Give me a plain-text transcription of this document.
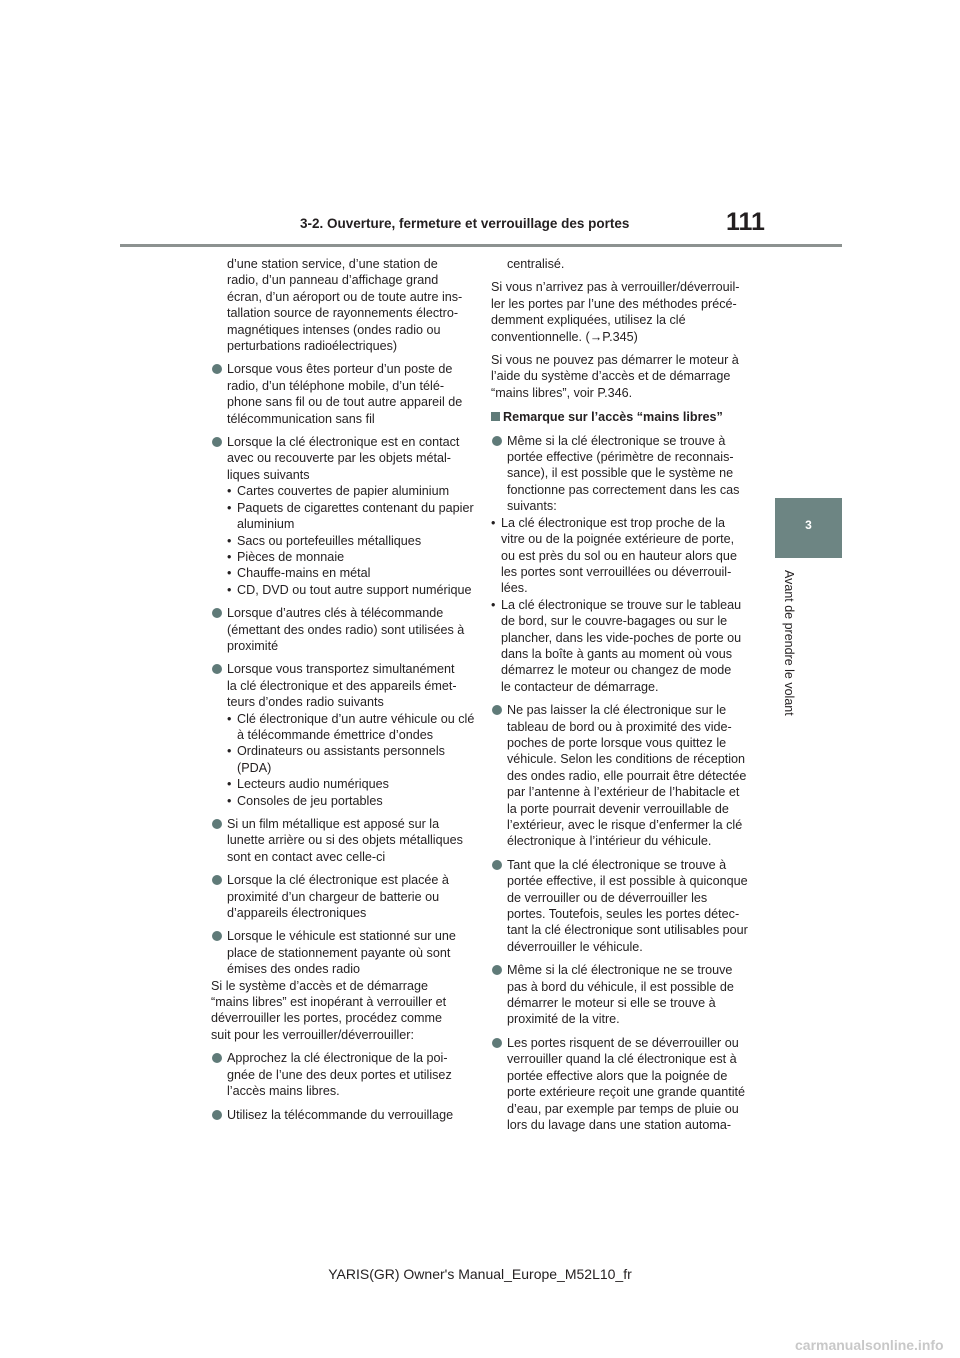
3-2. Ouverture, fermeture et verrouillage des portes	111
3
Avant de prendre le volant

d’une station service, d’une station de
radio, d’un panneau d’affichage grand
écran, d’un aéroport ou de toute autre ins-
tallation source de rayonnements électro-
magnétiques intenses (ondes radio ou
perturbations radioélectriques)

Lorsque vous êtes porteur d’un poste de
radio, d’un téléphone mobile, d’un télé-
phone sans fil ou de tout autre appareil de
télécommunication sans fil

Lorsque la clé électronique est en contact
avec ou recouverte par les objets métal-
liques suivants

• Cartes couvertes de papier aluminium

• Paquets de cigarettes contenant du papier
aluminium

• Sacs ou portefeuilles métalliques

• Pièces de monnaie

• Chauffe-mains en métal

• CD, DVD ou tout autre support numérique

Lorsque d’autres clés à télécommande
(émettant des ondes radio) sont utilisées à
proximité

Lorsque vous transportez simultanément
la clé électronique et des appareils émet-
teurs d’ondes radio suivants

• Clé électronique d’un autre véhicule ou clé
à télécommande émettrice d’ondes

• Ordinateurs ou assistants personnels
(PDA)

• Lecteurs audio numériques

• Consoles de jeu portables

Si un film métallique est apposé sur la
lunette arrière ou si des objets métalliques
sont en contact avec celle-ci

Lorsque la clé électronique est placée à
proximité d’un chargeur de batterie ou
d’appareils électroniques

Lorsque le véhicule est stationné sur une
place de stationnement payante où sont
émises des ondes radio

Si le système d’accès et de démarrage
“mains libres” est inopérant à verrouiller et
déverrouiller les portes, procédez comme
suit pour les verrouiller/déverrouiller:

Approchez la clé électronique de la poi-
gnée de l’une des deux portes et utilisez
l’accès mains libres.

Utilisez la télécommande du verrouillage

centralisé.

Si vous n’arrivez pas à verrouiller/déverrouil-
ler les portes par l’une des méthodes précé-
demment expliquées, utilisez la clé
conventionnelle. (→P.345)

Si vous ne pouvez pas démarrer le moteur à
l’aide du système d’accès et de démarrage
“mains libres”, voir P.346.

Remarque sur l’accès “mains libres”

Même si la clé électronique se trouve à
portée effective (périmètre de reconnais-
sance), il est possible que le système ne
fonctionne pas correctement dans les cas
suivants:

• La clé électronique est trop proche de la
vitre ou de la poignée extérieure de porte,
ou est près du sol ou en hauteur alors que
les portes sont verrouillées ou déverrouil-
lées.

• La clé électronique se trouve sur le tableau
de bord, sur le couvre-bagages ou sur le
plancher, dans les vide-poches de porte ou
dans la boîte à gants au moment où vous
démarrez le moteur ou changez de mode
le contacteur de démarrage.

Ne pas laisser la clé électronique sur le
tableau de bord ou à proximité des vide-
poches de porte lorsque vous quittez le
véhicule. Selon les conditions de réception
des ondes radio, elle pourrait être détectée
par l’antenne à l’extérieur de l’habitacle et
la porte pourrait devenir verrouillable de
l’extérieur, avec le risque d’enfermer la clé
électronique à l’intérieur du véhicule.

Tant que la clé électronique se trouve à
portée effective, il est possible à quiconque
de verrouiller ou de déverrouiller les
portes. Toutefois, seules les portes détec-
tant la clé électronique sont utilisables pour
déverrouiller le véhicule.

Même si la clé électronique ne se trouve
pas à bord du véhicule, il est possible de
démarrer le moteur si elle se trouve à
proximité de la vitre.

Les portes risquent de se déverrouiller ou
verrouiller quand la clé électronique est à
portée effective alors que la poignée de
porte extérieure reçoit une grande quantité
d’eau, par exemple par temps de pluie ou
lors du lavage dans une station automa-

YARIS(GR) Owner's Manual_Europe_M52L10_fr
carmanualsonline.info
